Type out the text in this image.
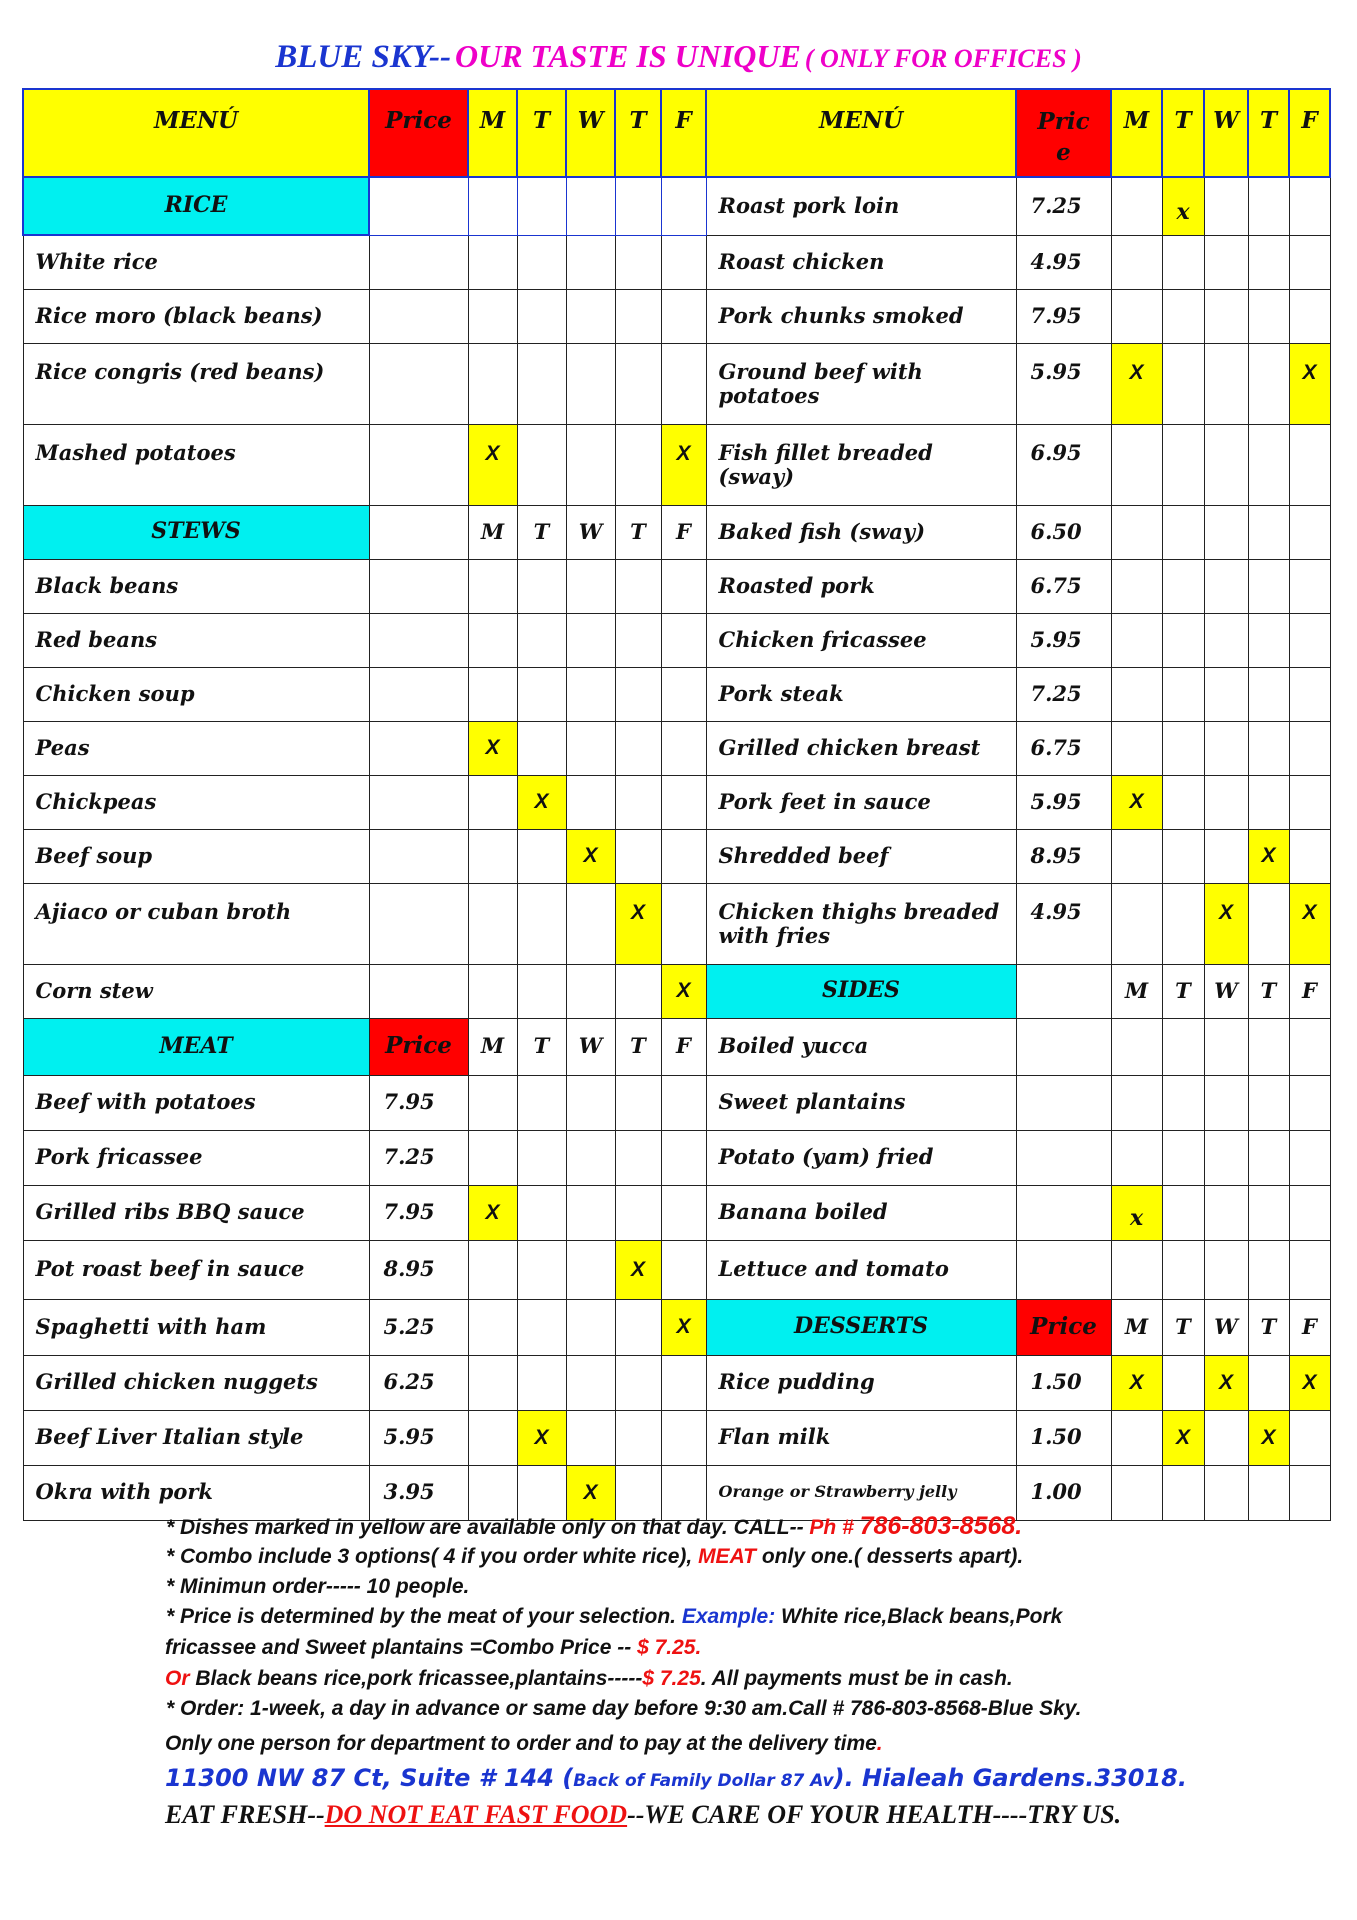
BLUE SKY-- OUR TASTE IS UNIQUE ( ONLY FOR OFFICES )
MENÚ	Price	M	T	W	T	F	MENÚ	Pric
e	M	T	W	T	F
RICE							Roast pork loin	7.25		x			
White rice							Roast chicken	4.95					
Rice moro (black beans)							Pork chunks smoked	7.95					
Rice congris (red beans)							Ground beef with
potatoes	5.95	X				X
Mashed potatoes		X				X	Fish fillet breaded
(sway)	6.95					
STEWS		M	T	W	T	F	Baked fish (sway)	6.50					
Black beans							Roasted pork	6.75					
Red beans							Chicken fricassee	5.95					
Chicken soup							Pork steak	7.25					
Peas		X					Grilled chicken breast	6.75					
Chickpeas			X				Pork feet in sauce	5.95	X				
Beef soup				X			Shredded beef	8.95				X	
Ajiaco or cuban broth					X		Chicken thighs breaded
with fries	4.95			X		X
Corn stew						X	SIDES		M	T	W	T	F
MEAT	Price	M	T	W	T	F	Boiled yucca						
Beef with potatoes	7.95						Sweet plantains						
Pork fricassee	7.25						Potato (yam) fried						
Grilled ribs BBQ sauce	7.95	X					Banana boiled		x				
Pot roast beef in sauce	8.95				X		Lettuce and tomato						
Spaghetti with ham	5.25					X	DESSERTS	Price	M	T	W	T	F
Grilled chicken nuggets	6.25						Rice pudding	1.50	X		X		X
Beef Liver Italian style	5.95		X				Flan milk	1.50		X		X	
Okra with pork	3.95			X			Orange or Strawberry jelly	1.00					
* Dishes marked in yellow are available only on that day. CALL-- Ph # 786-803-8568.
* Combo include 3 options( 4 if you order white rice), MEAT only one.( desserts apart).
* Minimun order----- 10 people.
* Price is determined by the meat of your selection. Example: White rice,Black beans,Pork
fricassee and Sweet plantains =Combo Price -- $ 7.25.
Or Black beans rice,pork fricassee,plantains-----$ 7.25. All payments must be in cash.
* Order: 1-week, a day in advance or same day before 9:30 am.Call # 786-803-8568-Blue Sky.
Only one person for department to order and to pay at the delivery time.
11300 NW 87 Ct, Suite # 144 (Back of Family Dollar 87 Av). Hialeah Gardens.33018.
EAT FRESH--DO NOT EAT FAST FOOD--WE CARE OF YOUR HEALTH----TRY US.
